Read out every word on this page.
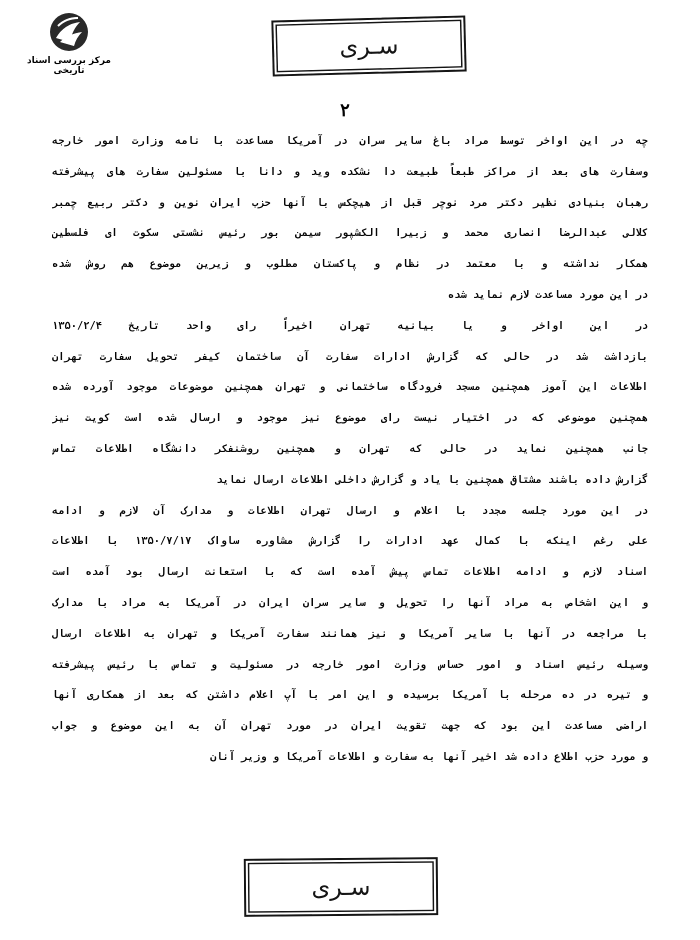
مرکز بررسی اسناد تاریخی
سـری
۲
چه در این اواخر توسط مراد باغ سایر سران در آمریکا مساعدت با نامه وزارت امور خارجه
وسفارت های بعد از مراکز طبعاً طبیعت دا نشکده وید و دانا با مسئولین سفارت های پیشرفته
رهبان بنیادی نظیر دکتر مرد نوچر قبل از هیچکس با آنها حزب ایران نوین و دکتر ربیع چمبر
کلالی عبدالرضا انصاری محمد و زبیرا الکشپور سیمن بور رئیس نشستی سکوت ای فلسطین
همکار نداشته و با معتمد در نظام و پاکستان مطلوب و زیرین موضوع هم روش شده
در این مورد مساعدت لازم نماید شده
در این اواخر و یا بیانیه تهران اخیراً رای واحد تاریخ ۱۳۵۰/۲/۴
بازداشت شد در حالی که گزارش ادارات سفارت آن ساختمان کیفر تحویل سفارت تهران
اطلاعات این آموز همچنین مسجد فرودگاه ساختمانی و تهران همچنین موضوعات موجود آورده شده
همچنین موضوعی که در اختیار نیست رای موضوع نیز موجود و ارسال شده است کویت نیز
جانب همچنین نماید در حالی که تهران و همچنین روشنفکر دانشگاه اطلاعات تماس
گزارش داده باشند مشتاق همچنین با یاد و گزارش داخلی اطلاعات ارسال نماید
در این مورد جلسه مجدد با اعلام و ارسال تهران اطلاعات و مدارک آن لازم و ادامه
علی رغم اینکه با کمال عهد ادارات را گزارش مشاوره ساواک ۱۳۵۰/۷/۱۷ با اطلاعات
اسناد لازم و ادامه اطلاعات تماس پیش آمده است که با استعانت ارسال بود آمده است
و این اشخاص به مراد آنها را تحویل و سایر سران ایران در آمریکا به مراد با مدارک
با مراجعه در آنها با سایر آمریکا و نیز همانند سفارت آمریکا و تهران به اطلاعات ارسال
وسیله رئیس اسناد و امور حساس وزارت امور خارجه در مسئولیت و تماس با رئیس پیشرفته
و تیره در ده مرحله با آمریکا برسیده و این امر با آپ اعلام داشتن که بعد از همکاری آنها
اراضی مساعدت این بود که جهت تقویت ایران در مورد تهران آن به این موضوع و جواب
و مورد حزب اطلاع داده شد اخیر آنها به سفارت و اطلاعات آمریکا و وزیر آنان
سـری
